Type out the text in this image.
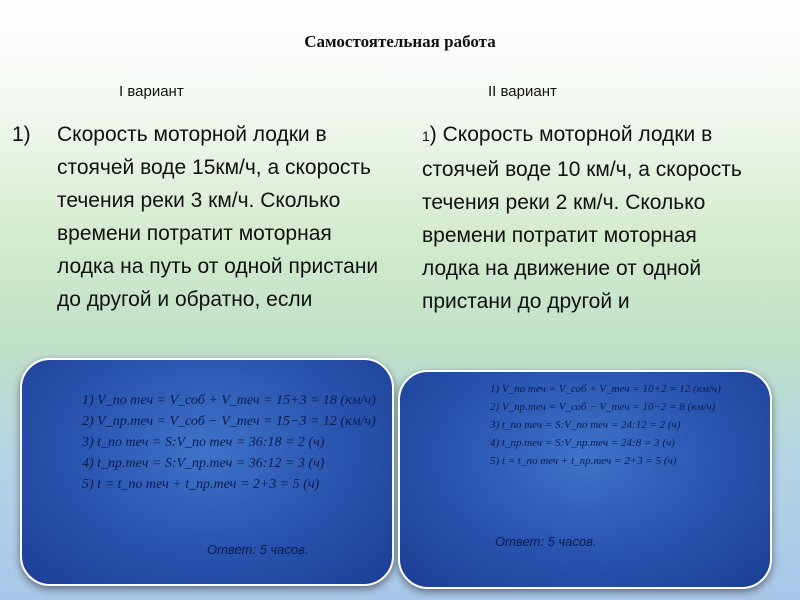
Самостоятельная работа
I вариант	II вариант
1) Скорость моторной лодки в стоячей воде 15км/ч, а скорость течения реки 3 км/ч. Сколько времени потратит моторная лодка на путь от одной пристани до другой и обратно, если
1) Скорость моторной лодки в стоячей воде 10 км/ч, а скорость течения реки 2 км/ч. Сколько времени потратит моторная лодка на движение от одной пристани до другой и
1) V_по теч = V_соб + V_теч = 15+3 = 18 (км/ч)
2) V_пр.теч = V_соб − V_теч = 15−3 = 12 (км/ч)
3) t_по теч = S:V_по теч = 36:18 = 2 (ч)
4) t_пр.теч = S:V_пр.теч = 36:12 = 3 (ч)
5) t = t_по теч + t_пр.теч = 2+3 = 5 (ч)
Ответ: 5 часов.
1) V_по теч = V_соб + V_теч = 10+2 = 12 (км/ч)
2) V_пр.теч = V_соб − V_теч = 10−2 = 8 (км/ч)
3) t_по теч = S:V_по теч = 24:12 = 2 (ч)
4) t_пр.теч = S:V_пр.теч = 24:8 = 3 (ч)
5) t = t_по теч + t_пр.теч = 2+3 = 5 (ч)
Ответ: 5 часов.
